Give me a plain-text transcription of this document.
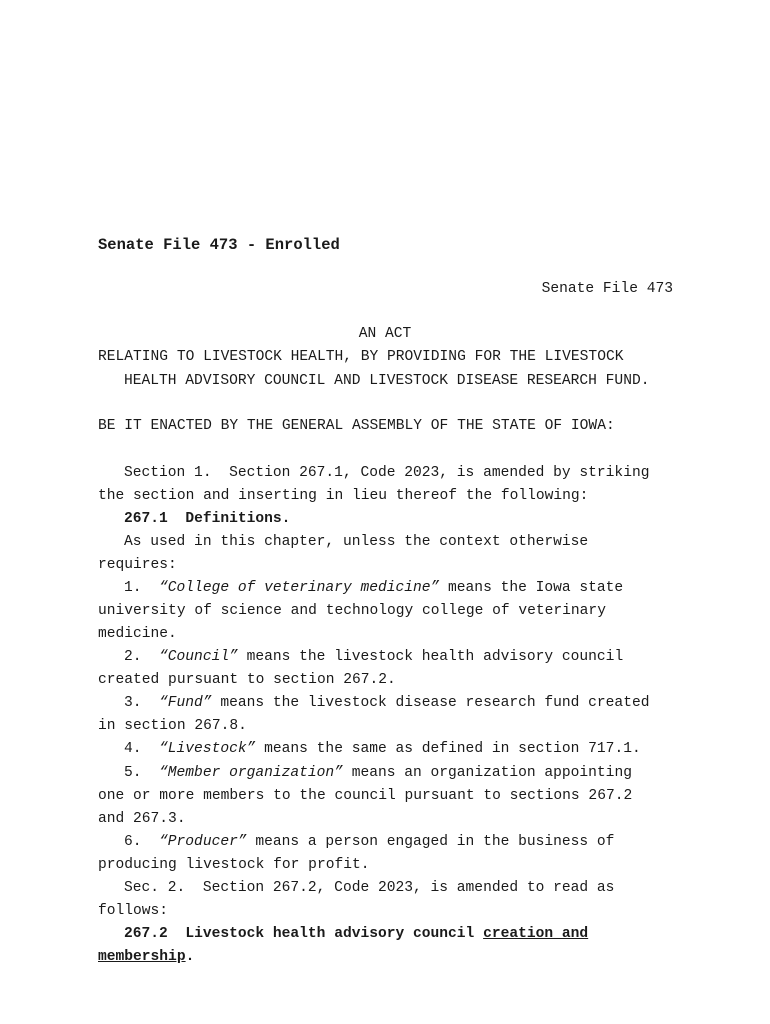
Senate File 473 - Enrolled
Senate File 473
AN ACT
RELATING TO LIVESTOCK HEALTH, BY PROVIDING FOR THE LIVESTOCK
HEALTH ADVISORY COUNCIL AND LIVESTOCK DISEASE RESEARCH FUND.
BE IT ENACTED BY THE GENERAL ASSEMBLY OF THE STATE OF IOWA:
Section 1.  Section 267.1, Code 2023, is amended by striking
the section and inserting in lieu thereof the following:
267.1 Definitions.
As used in this chapter, unless the context otherwise
requires:
1. “College of veterinary medicine” means the Iowa state
university of science and technology college of veterinary
medicine.
2. “Council” means the livestock health advisory council
created pursuant to section 267.2.
3. “Fund” means the livestock disease research fund created
in section 267.8.
4. “Livestock” means the same as defined in section 717.1.
5. “Member organization” means an organization appointing
one or more members to the council pursuant to sections 267.2
and 267.3.
6. “Producer” means a person engaged in the business of
producing livestock for profit.
Sec. 2.  Section 267.2, Code 2023, is amended to read as
follows:
267.2 Livestock health advisory council creation and
membership.
